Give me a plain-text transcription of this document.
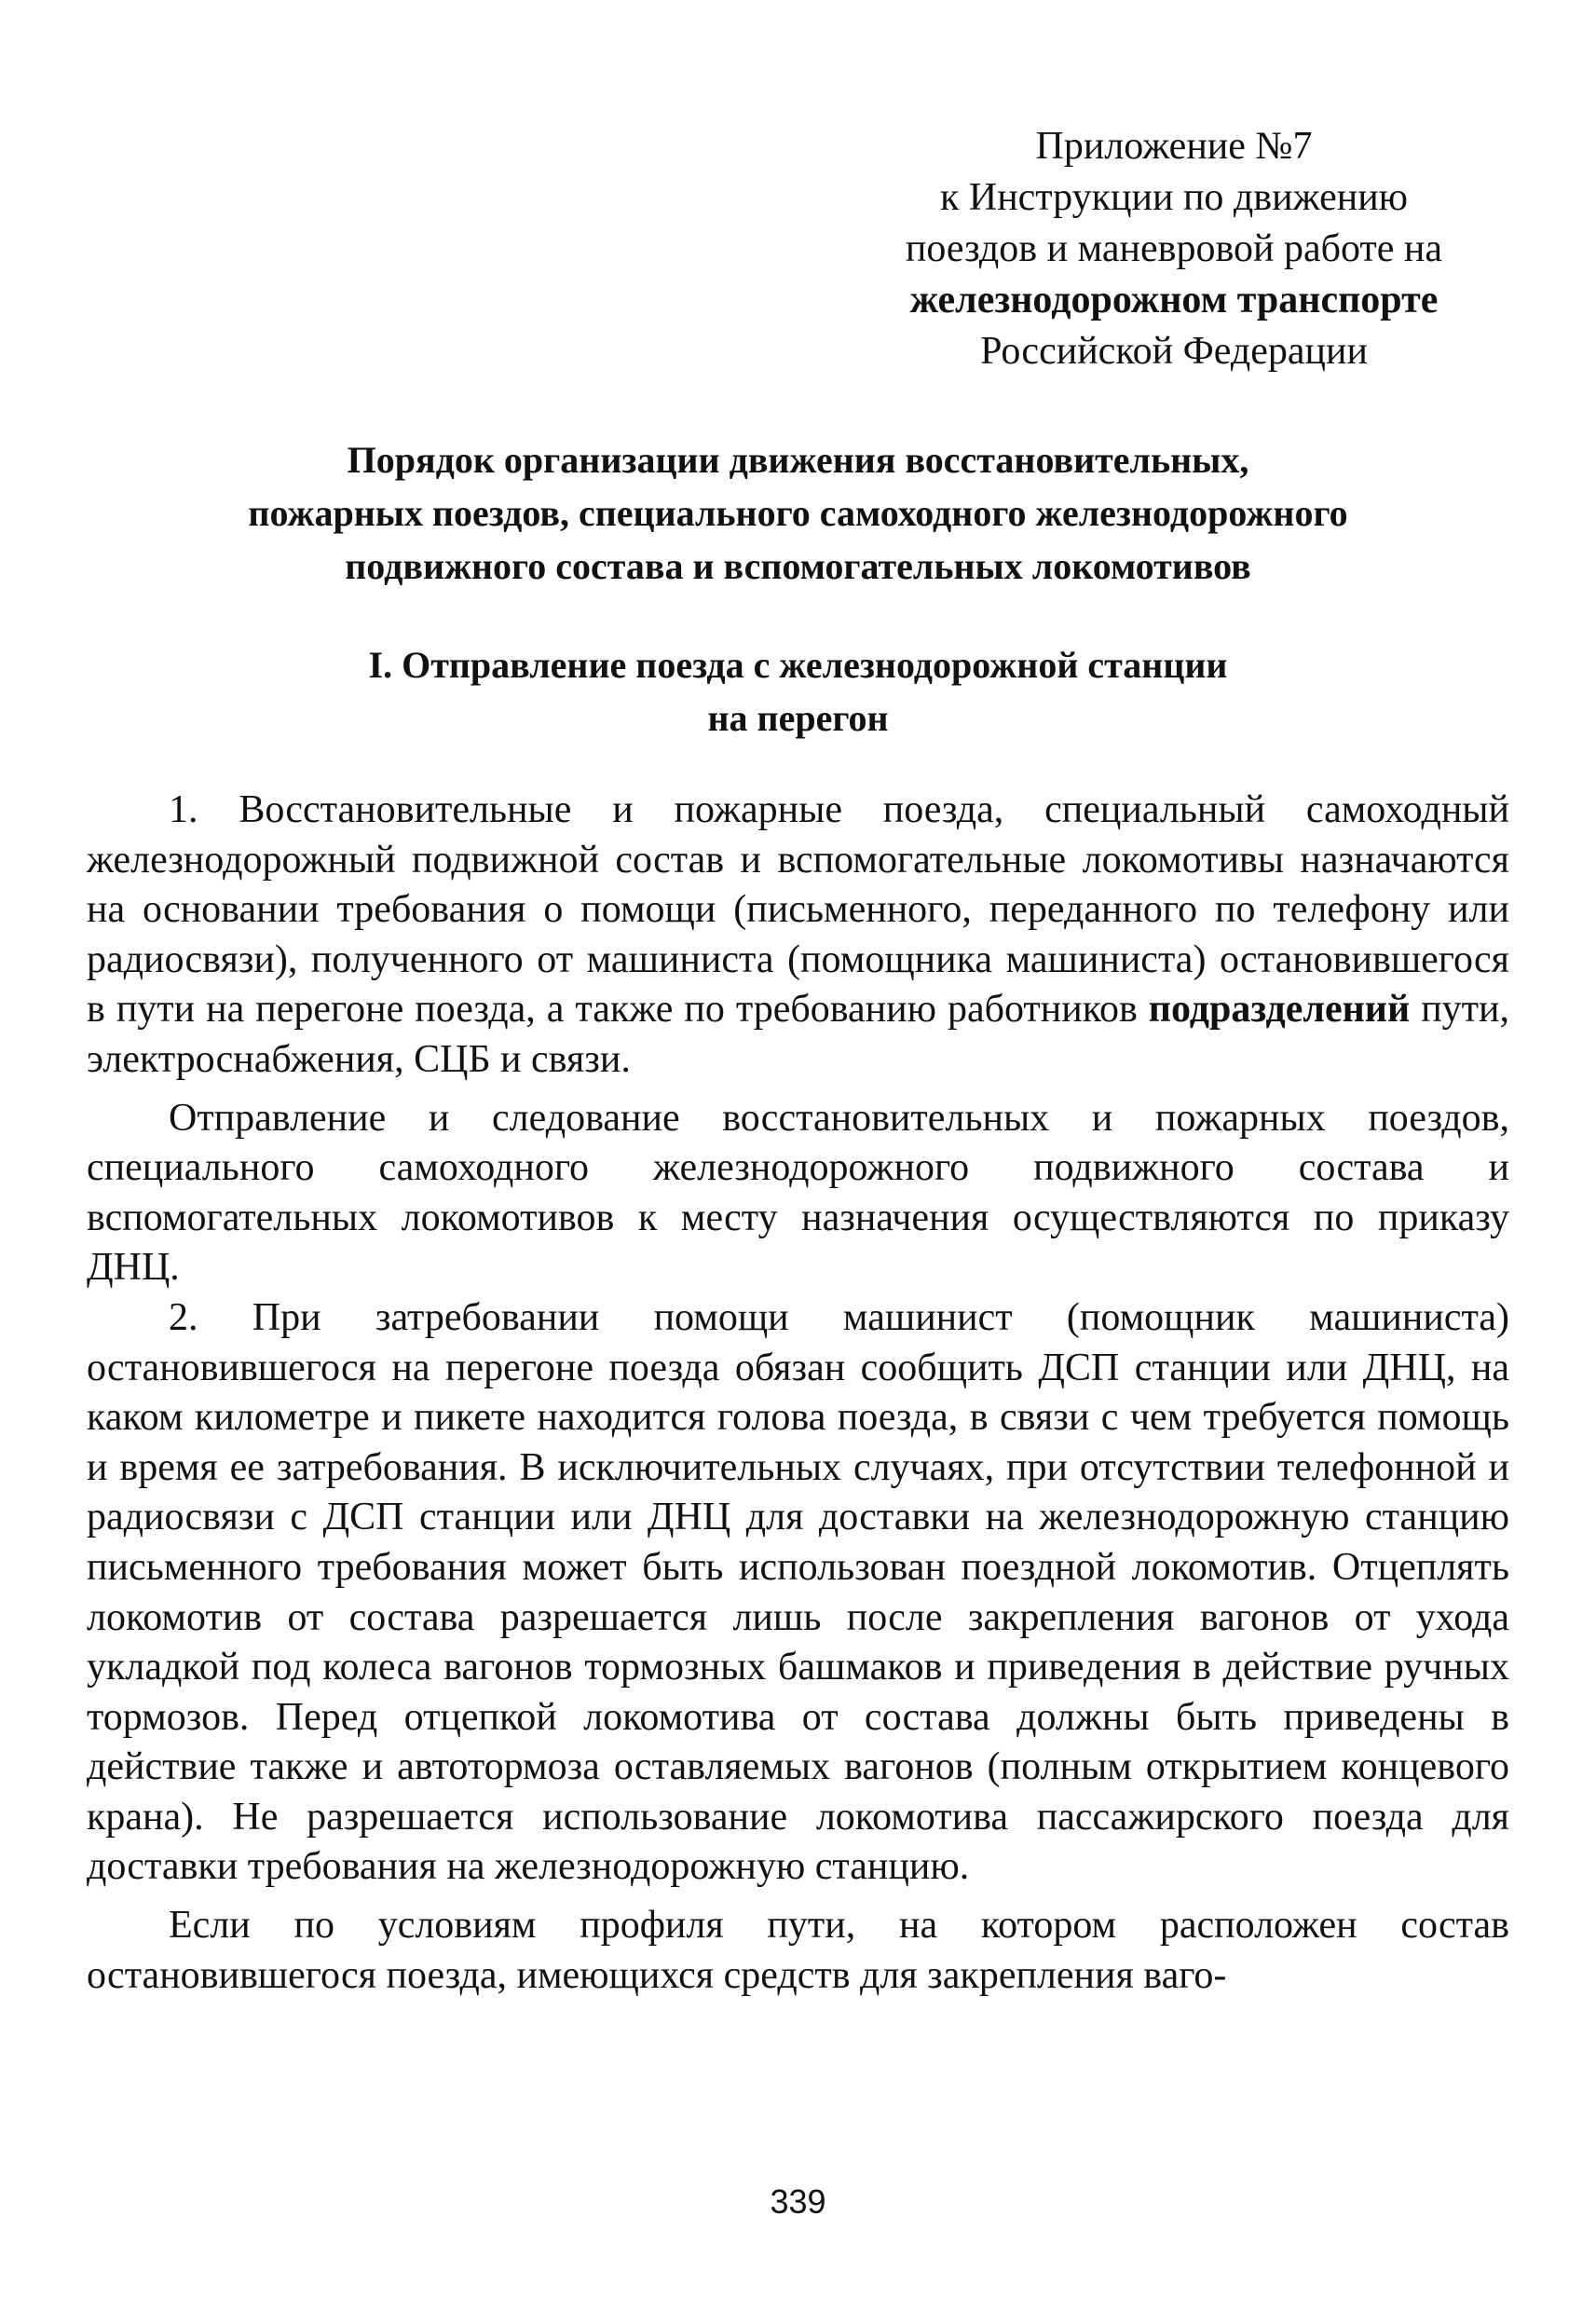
Приложение №7
к Инструкции по движению
поездов и маневровой работе на
железнодорожном транспорте
Российской Федерации
Порядок организации движения восстановительных,
пожарных поездов, специального самоходного железнодорожного
подвижного состава и вспомогательных локомотивов
I. Отправление поезда с железнодорожной станции
на перегон

1. Восстановительные и пожарные поезда, специальный самоходный железнодорожный подвижной состав и вспомогательные локомотивы назначаются на основании требования о помощи (письменного, переданного по телефону или радиосвязи), полученного от машиниста (помощника машиниста) остановившегося в пути на перегоне поезда, а также по требованию работников подразделений пути, электроснабжения, СЦБ и связи.

Отправление и следование восстановительных и пожарных поездов, специального самоходного железнодорожного подвижного состава и вспомогательных локомотивов к месту назначения осуществляются по приказу ДНЦ.

2. При затребовании помощи машинист (помощник машиниста) остановившегося на перегоне поезда обязан сообщить ДСП станции или ДНЦ, на каком километре и пикете находится голова поезда, в связи с чем требуется помощь и время ее затребования. В исключительных случаях, при отсутствии телефонной и радиосвязи с ДСП станции или ДНЦ для доставки на железнодорожную станцию письменного требования может быть использован поездной локомотив. Отцеплять локомотив от состава разрешается лишь после закрепления вагонов от ухода укладкой под колеса вагонов тормозных башмаков и приведения в действие ручных тормозов. Перед отцепкой локомотива от состава должны быть приведены в действие также и автотормоза оставляемых вагонов (полным открытием концевого крана). Не разрешается использование локомотива пассажирского поезда для доставки требования на железнодорожную станцию.

Если по условиям профиля пути, на котором расположен состав остановившегося поезда, имеющихся средств для закрепления ваго-

339
